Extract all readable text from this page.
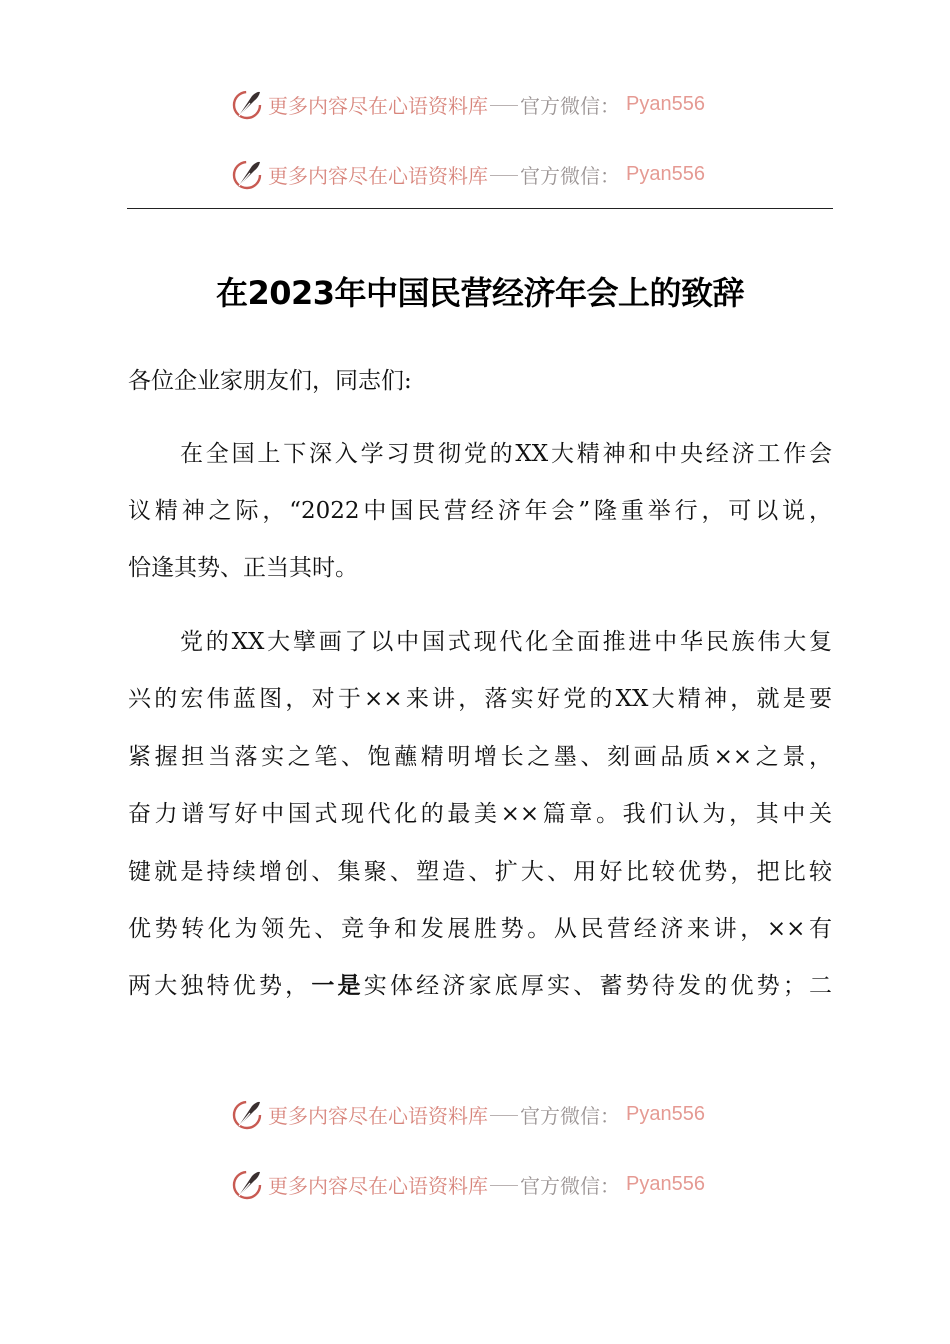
更多内容尽在心语资料库 官方微信： Pyan556
更多内容尽在心语资料库 官方微信： Pyan556
在2023年中国民营经济年会上的致辞
各位企业家朋友们，同志们:
在全国上下深入学习贯彻党的XX大精神和中央经济工作会
议精神之际，“2022中国民营经济年会”隆重举行，可以说，
恰逢其势、正当其时。
党的XX大擘画了以中国式现代化全面推进中华民族伟大复
兴的宏伟蓝图，对于××来讲，落实好党的XX大精神，就是要
紧握担当落实之笔、饱蘸精明增长之墨、刻画品质××之景，
奋力谱写好中国式现代化的最美××篇章。我们认为，其中关
键就是持续增创、集聚、塑造、扩大、用好比较优势，把比较
优势转化为领先、竞争和发展胜势。从民营经济来讲，××有
两大独特优势，一是实体经济家底厚实、蓄势待发的优势；二
更多内容尽在心语资料库 官方微信： Pyan556
更多内容尽在心语资料库 官方微信： Pyan556
